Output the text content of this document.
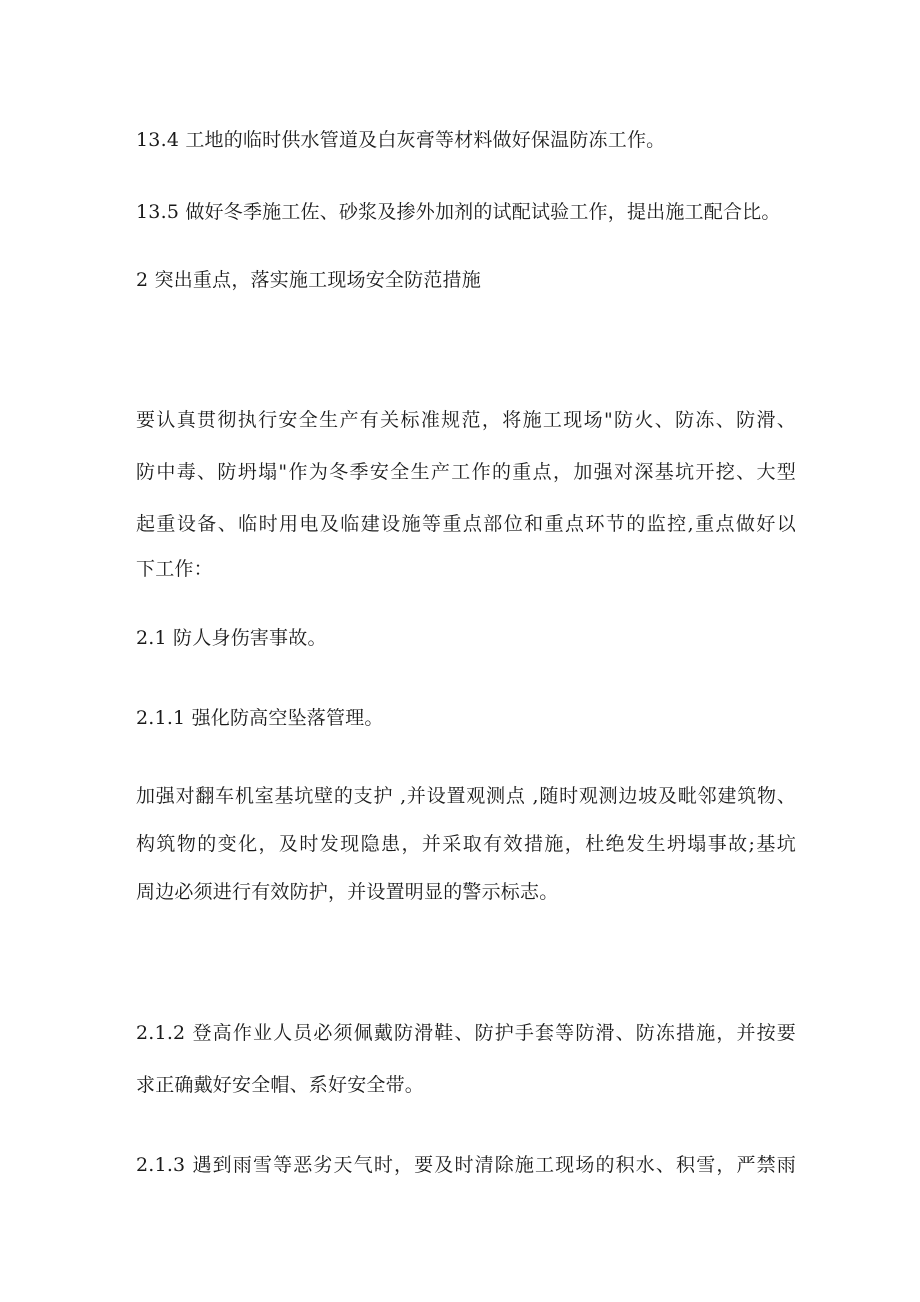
13.4 工地的临时供水管道及白灰膏等材料做好保温防冻工作。
13.5 做好冬季施工佐、砂浆及掺外加剂的试配试验工作，提出施工配合比。
2 突出重点，落实施工现场安全防范措施
要认真贯彻执行安全生产有关标准规范，将施工现场"防火、防冻、防滑、
防中毒、防坍塌"作为冬季安全生产工作的重点，加强对深基坑开挖、大型
起重设备、临时用电及临建设施等重点部位和重点环节的监控,重点做好以
下工作：
2.1 防人身伤害事故。
2.1.1 强化防高空坠落管理。
加强对翻车机室基坑壁的支护 ,并设置观测点 ,随时观测边坡及毗邻建筑物、
构筑物的变化，及时发现隐患，并采取有效措施，杜绝发生坍塌事故;基坑
周边必须进行有效防护，并设置明显的警示标志。
2.1.2 登高作业人员必须佩戴防滑鞋、防护手套等防滑、防冻措施，并按要
求正确戴好安全帽、系好安全带。
2.1.3 遇到雨雪等恶劣天气时，要及时清除施工现场的积水、积雪，严禁雨
